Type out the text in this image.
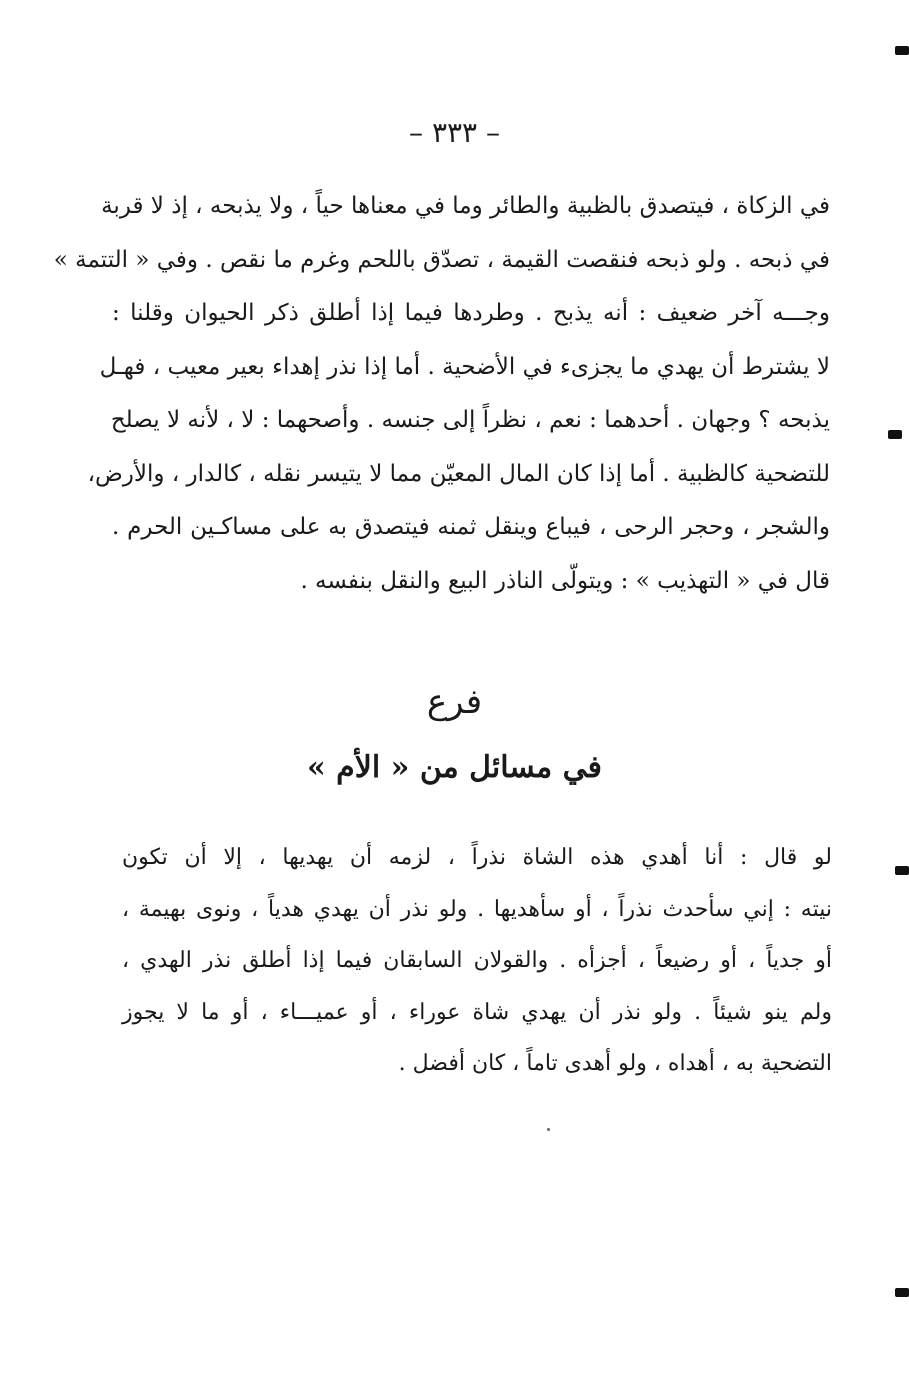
– ٣٣٣ –
في الزكاة ، فيتصدق بالظبية والطائر وما في معناها حياً ، ولا يذبحه ، إذ لا قربة
في ذبحه . ولو ذبحه فنقصت القيمة ، تصدّق باللحم وغرم ما نقص . وفي « التتمة »
وجـــه آخر ضعيف : أنه يذبح . وطردها فيما إذا أطلق ذكر الحيوان وقلنا :
لا يشترط أن يهدي ما يجزىء في الأضحية . أما إذا نذر إهداء بعير معيب ، فهـل
يذبحه ؟ وجهان . أحدهما : نعم ، نظراً إلى جنسه . وأصحهما : لا ، لأنه لا يصلح
للتضحية كالظبية . أما إذا كان المال المعيّن مما لا يتيسر نقله ، كالدار ، والأرض،
والشجر ، وحجر الرحى ، فيباع وينقل ثمنه فيتصدق به على مساكـين الحرم .
قال في « التهذيب » : ويتولّى الناذر البيع والنقل بنفسه .
فرع
في مسائل من « الأم »
لو قال : أنا أهدي هذه الشاة نذراً ، لزمه أن يهديها ، إلا أن تكون
نيته : إني سأحدث نذراً ، أو سأهديها . ولو نذر أن يهدي هدياً ، ونوى بهيمة ،
أو جدياً ، أو رضيعاً ، أجزأه . والقولان السابقان فيما إذا أطلق نذر الهدي ،
ولم ينو شيئاً . ولو نذر أن يهدي شاة عوراء ، أو عميـــاء ، أو ما لا يجوز
التضحية به ، أهداه ، ولو أهدى تاماً ، كان أفضل .
